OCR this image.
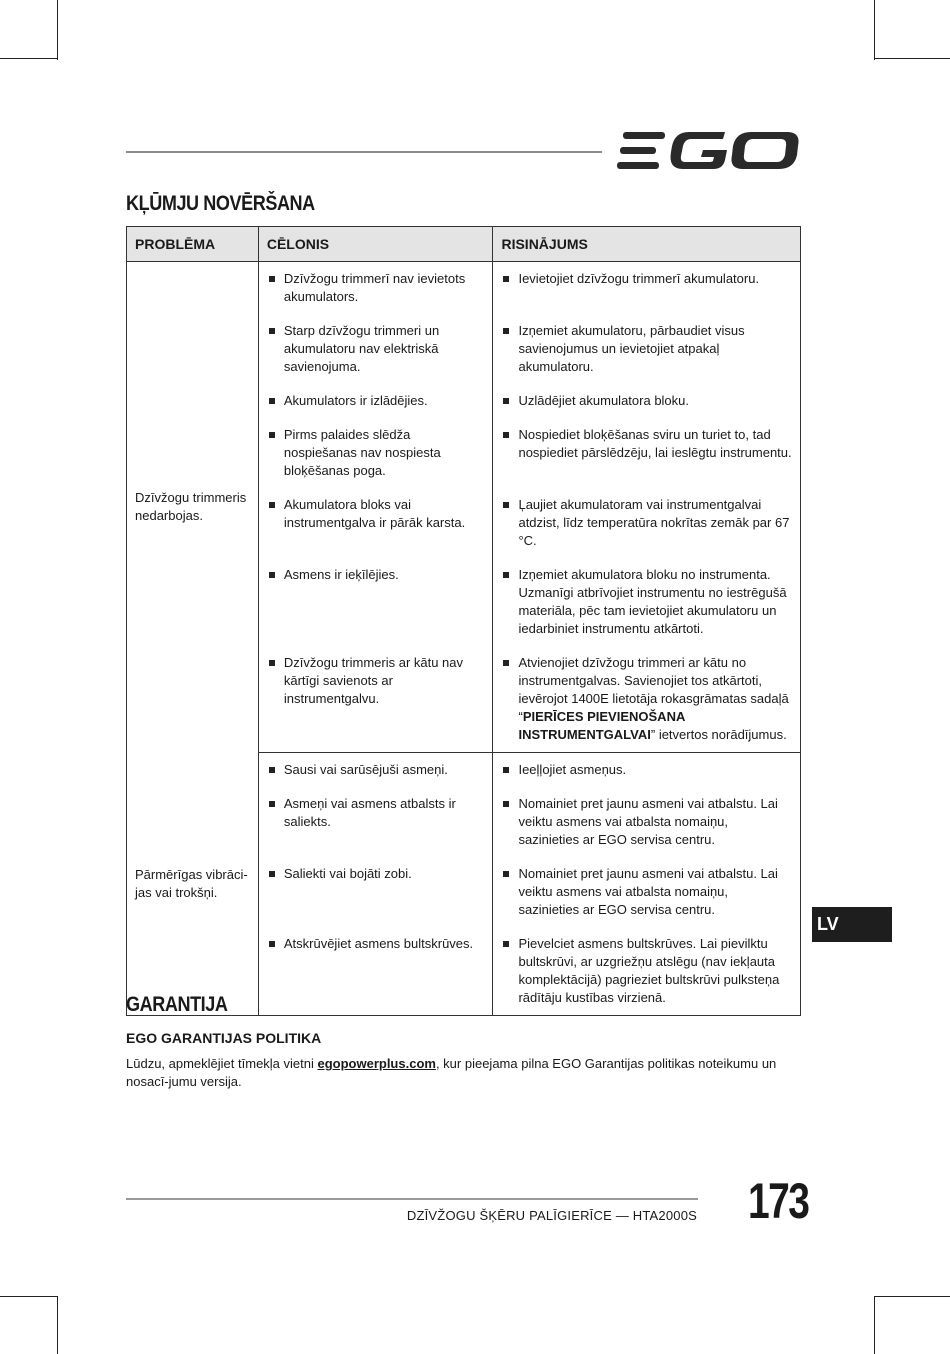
KĻŪMJU NOVĒRŠANA
PROBLĒMA	CĒLONIS	RISINĀJUMS
Dzīvžogu trimmeris nedarbojas.	Dzīvžogu trimmerī nav ievietots akumulators.	Ievietojiet dzīvžogu trimmerī akumulatoru.

	Starp dzīvžogu trimmeri un akumulatoru nav elektriskā savienojuma.	Izņemiet akumulatoru, pārbaudiet visus savienojumus un ievietojiet atpakaļ akumulatoru.

	Akumulators ir izlādējies.	Uzlādējiet akumulatora bloku.

	Pirms palaides slēdža nospiešanas nav nospiesta bloķēšanas poga.	Nospiediet bloķēšanas sviru un turiet to, tad nospiediet pārslēdzēju, lai ieslēgtu instrumentu.

	Akumulatora bloks vai instrumentgalva ir pārāk karsta.	Ļaujiet akumulatoram vai instrumentgalvai atdzist, līdz temperatūra nokrītas zemāk par 67 °C.

	Asmens ir ieķīlējies.	Izņemiet akumulatora bloku no instrumenta. Uzmanīgi atbrīvojiet instrumentu no iestrēgušā materiāla, pēc tam ievietojiet akumulatoru un iedarbiniet instrumentu atkārtoti.

	Dzīvžogu trimmeris ar kātu nav kārtīgi savienots ar instrumentgalvu.	Atvienojiet dzīvžogu trimmeri ar kātu no instrumentgalvas. Savienojiet tos atkārtoti, ievērojot 1400E lietotāja rokasgrāmatas sadaļā “PIERĪCES PIEVIENOŠANA INSTRUMENTGALVAI” ietvertos norādījumus.

Pārmērīgas vibrāci-jas vai trokšņi.	Sausi vai sarūsējuši asmeņi.	Ieeļļojiet asmeņus.

	Asmeņi vai asmens atbalsts ir saliekts.	Nomainiet pret jaunu asmeni vai atbalstu. Lai veiktu asmens vai atbalsta nomaiņu, sazinieties ar EGO servisa centru.

	Saliekti vai bojāti zobi.	Nomainiet pret jaunu asmeni vai atbalstu. Lai veiktu asmens vai atbalsta nomaiņu, sazinieties ar EGO servisa centru.

	Atskrūvējiet asmens bultskrūves.	Pievelciet asmens bultskrūves. Lai pievilktu bultskrūvi, ar uzgriežņu atslēgu (nav iekļauta komplektācijā) pagrieziet bultskrūvi pulksteņa rādītāju kustības virzienā.
LV
GARANTIJA
EGO GARANTIJAS POLITIKA
Lūdzu, apmeklējiet tīmekļa vietni egopowerplus.com, kur pieejama pilna EGO Garantijas politikas noteikumu un nosacī-jumu versija.
DZĪVŽOGU ŠĶĒRU PALĪGIERĪCE — HTA2000S 173
